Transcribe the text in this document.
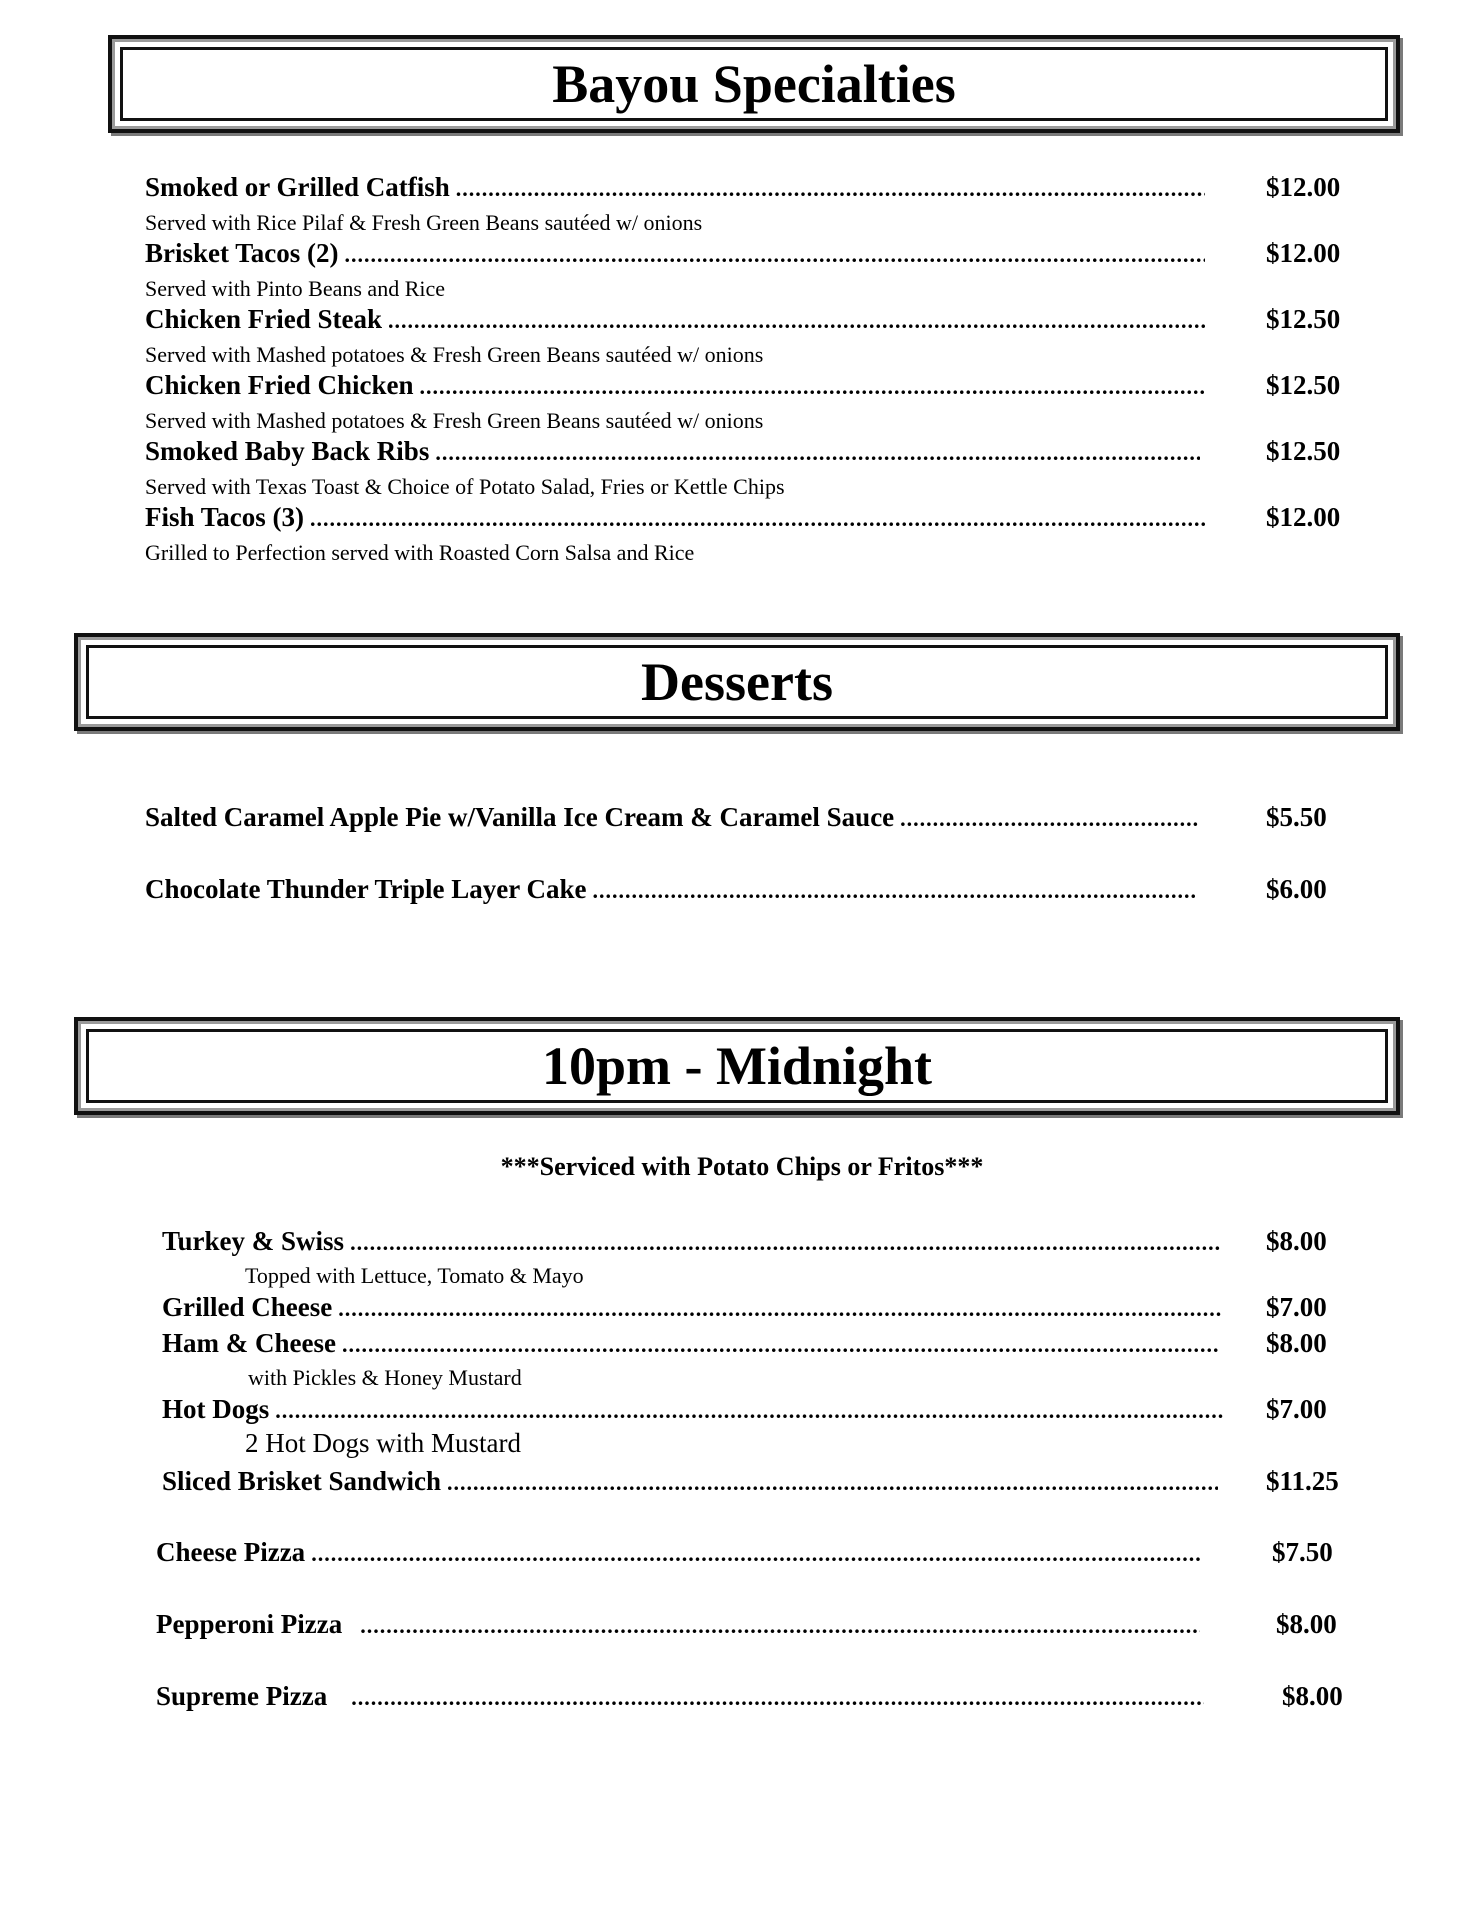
Bayou Specialties
Smoked or Grilled Catfish .....	$12.00
Served with Rice Pilaf & Fresh Green Beans sautéed w/ onions
Brisket Tacos (2) .....	$12.00
Served with Pinto Beans and Rice
Chicken Fried Steak .....	$12.50
Served with Mashed potatoes & Fresh Green Beans sautéed w/ onions
Chicken Fried Chicken .....	$12.50
Served with Mashed potatoes & Fresh Green Beans sautéed w/ onions
Smoked Baby Back Ribs .....	$12.50
Served with Texas Toast & Choice of Potato Salad, Fries or Kettle Chips
Fish Tacos (3) .....	$12.00
Grilled to Perfection served with Roasted Corn Salsa and Rice
Desserts
Salted Caramel Apple Pie w/Vanilla Ice Cream & Caramel Sauce .....	$5.50
Chocolate Thunder Triple Layer Cake .....	$6.00
10pm - Midnight
***Serviced with Potato Chips or Fritos***
Turkey & Swiss .....	$8.00
Topped with Lettuce, Tomato & Mayo
Grilled Cheese .....	$7.00
Ham & Cheese .....	$8.00
with Pickles & Honey Mustard
Hot Dogs .....	$7.00
2 Hot Dogs with Mustard
Sliced Brisket Sandwich .....	$11.25
Cheese Pizza .....	$7.50
Pepperoni Pizza .....	$8.00
Supreme Pizza .....	$8.00
